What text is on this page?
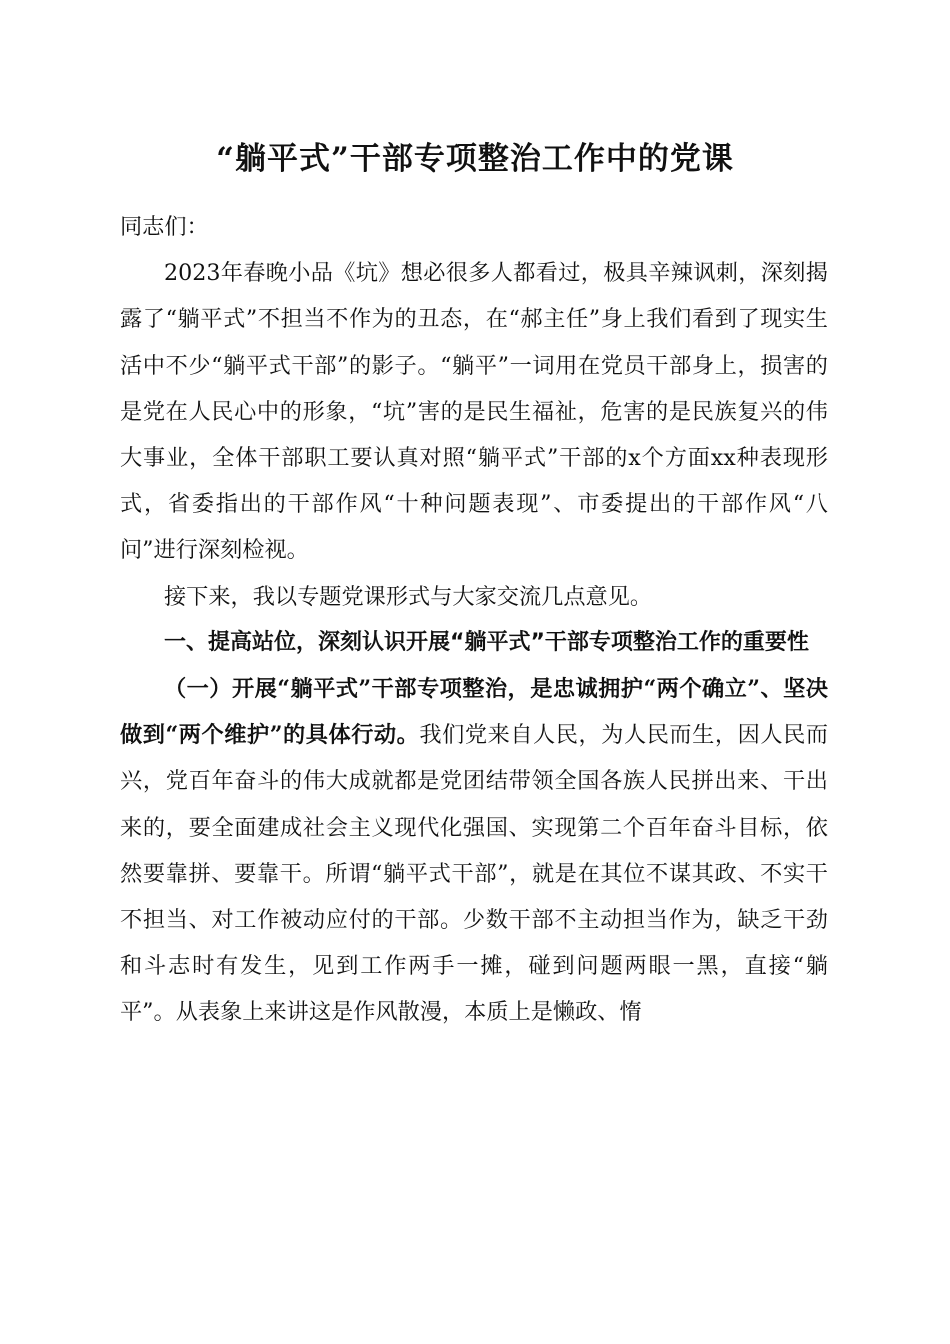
“躺平式”干部专项整治工作中的党课

同志们：

2023年春晚小品《坑》想必很多人都看过，极具辛辣讽刺，深刻揭露了“躺平式”不担当不作为的丑态，在“郝主任”身上我们看到了现实生活中不少“躺平式干部”的影子。“躺平”一词用在党员干部身上，损害的是党在人民心中的形象，“坑”害的是民生福祉，危害的是民族复兴的伟大事业，全体干部职工要认真对照“躺平式”干部的x个方面xx种表现形式，省委指出的干部作风“十种问题表现”、市委提出的干部作风“八问”进行深刻检视。

接下来，我以专题党课形式与大家交流几点意见。

一、提高站位，深刻认识开展“躺平式”干部专项整治工作的重要性

（一）开展“躺平式”干部专项整治，是忠诚拥护“两个确立”、坚决做到“两个维护”的具体行动。我们党来自人民，为人民而生，因人民而兴，党百年奋斗的伟大成就都是党团结带领全国各族人民拼出来、干出来的，要全面建成社会主义现代化强国、实现第二个百年奋斗目标，依然要靠拼、要靠干。所谓“躺平式干部”，就是在其位不谋其政、不实干不担当、对工作被动应付的干部。少数干部不主动担当作为，缺乏干劲和斗志时有发生，见到工作两手一摊，碰到问题两眼一黑，直接“躺平”。从表象上来讲这是作风散漫，本质上是懒政、惰
